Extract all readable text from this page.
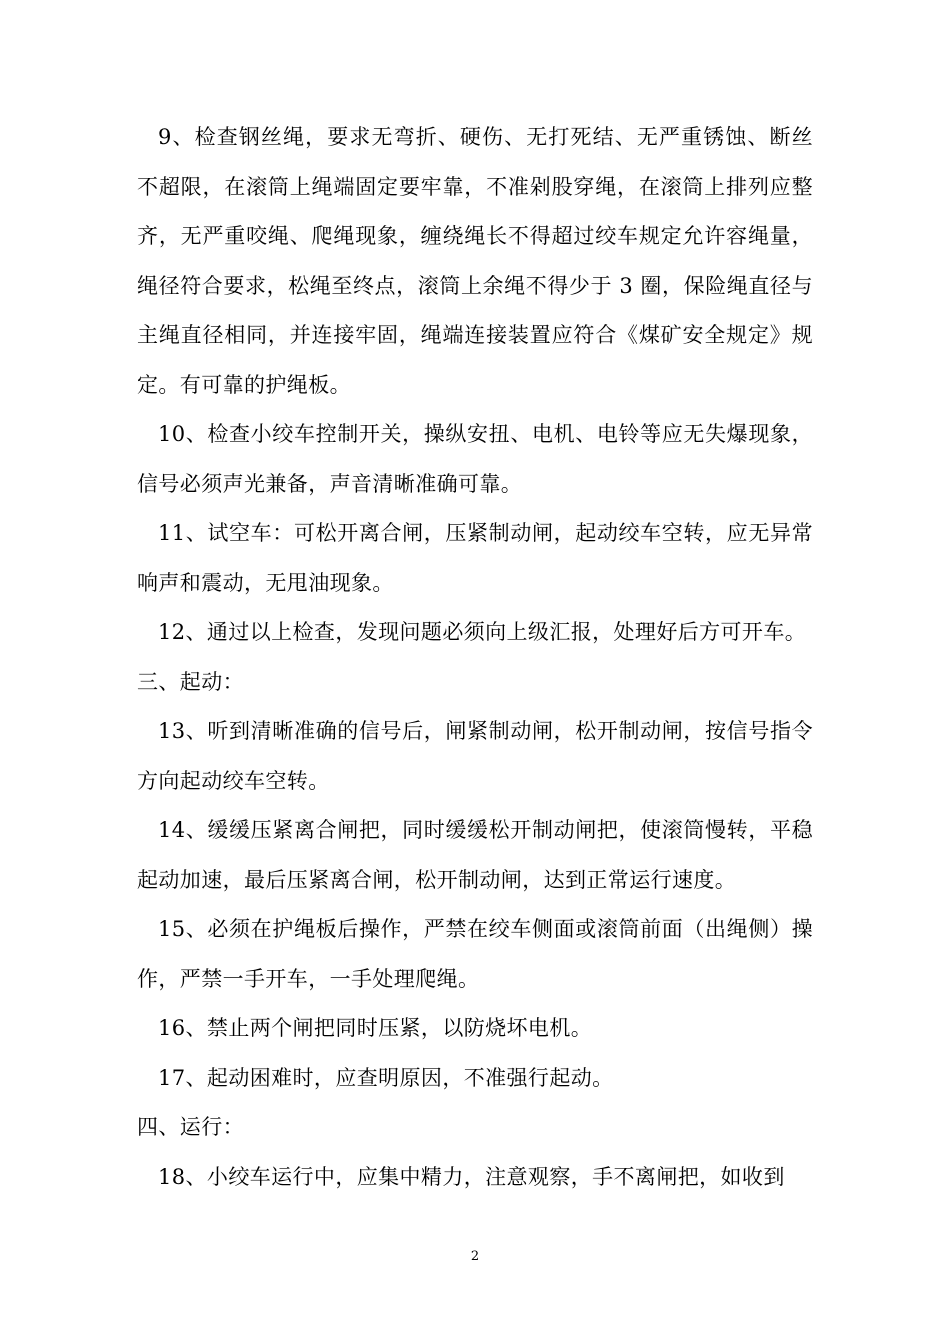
9、检查钢丝绳，要求无弯折、硬伤、无打死结、无严重锈蚀、断丝不超限，在滚筒上绳端固定要牢靠，不准剁股穿绳，在滚筒上排列应整齐，无严重咬绳、爬绳现象，缠绕绳长不得超过绞车规定允许容绳量，绳径符合要求，松绳至终点，滚筒上余绳不得少于 3 圈，保险绳直径与主绳直径相同，并连接牢固，绳端连接装置应符合《煤矿安全规定》规定。有可靠的护绳板。

10、检查小绞车控制开关，操纵安扭、电机、电铃等应无失爆现象，信号必须声光兼备，声音清晰准确可靠。

11、试空车：可松开离合闸，压紧制动闸，起动绞车空转，应无异常响声和震动，无甩油现象。

12、通过以上检查，发现问题必须向上级汇报，处理好后方可开车。

三、起动：

13、听到清晰准确的信号后，闸紧制动闸，松开制动闸，按信号指令方向起动绞车空转。

14、缓缓压紧离合闸把，同时缓缓松开制动闸把，使滚筒慢转，平稳起动加速，最后压紧离合闸，松开制动闸，达到正常运行速度。

15、必须在护绳板后操作，严禁在绞车侧面或滚筒前面（出绳侧）操作，严禁一手开车，一手处理爬绳。

16、禁止两个闸把同时压紧，以防烧坏电机。

17、起动困难时，应查明原因，不准强行起动。

四、运行：

18、小绞车运行中，应集中精力，注意观察，手不离闸把，如收到

2
